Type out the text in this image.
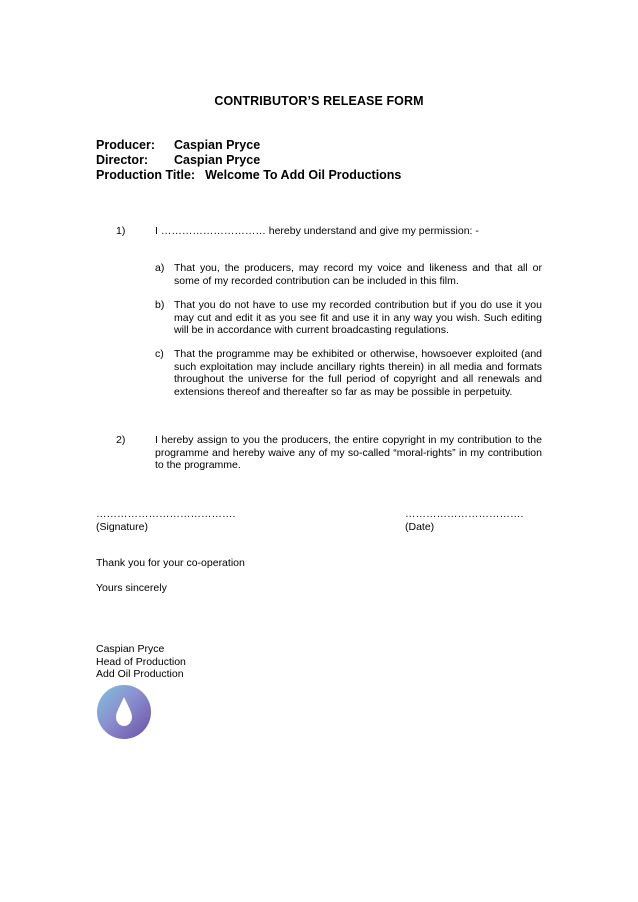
CONTRIBUTOR’S RELEASE FORM
Producer: Caspian Pryce
Director: Caspian Pryce
Production Title: Welcome To Add Oil Productions
1)	I ………………………… hereby understand and give my permission: -
a) That you, the producers, may record my voice and likeness and that all or some of my recorded contribution can be included in this film.
b) That you do not have to use my recorded contribution but if you do use it you may cut and edit it as you see fit and use it in any way you wish. Such editing will be in accordance with current broadcasting regulations.
c) That the programme may be exhibited or otherwise, howsoever exploited (and such exploitation may include ancillary rights therein) in all media and formats throughout the universe for the full period of copyright and all renewals and extensions thereof and thereafter so far as may be possible in perpetuity.
2)	I hereby assign to you the producers, the entire copyright in my contribution to the programme and hereby waive any of my so-called “moral-rights” in my contribution to the programme.
………………………………….
(Signature)
…………………………….
(Date)
Thank you for your co-operation
Yours sincerely
Caspian Pryce
Head of Production
Add Oil Production
